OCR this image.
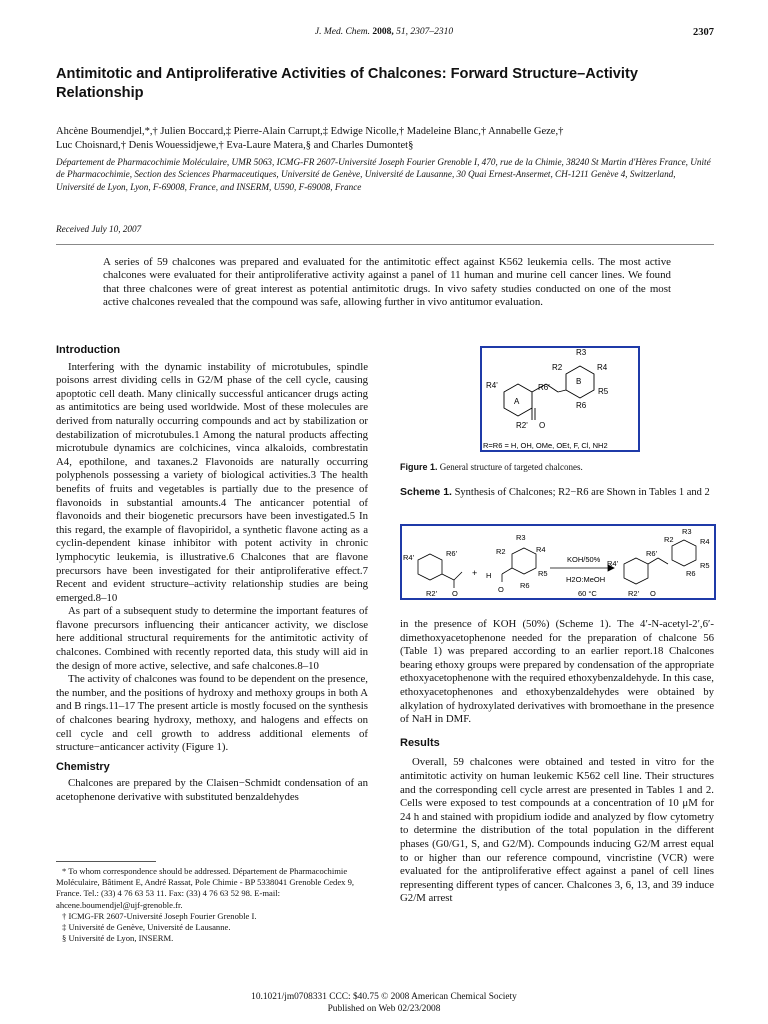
J. Med. Chem. 2008, 51, 2307–2310	2307
Antimitotic and Antiproliferative Activities of Chalcones: Forward Structure–Activity Relationship
Ahcène Boumendjel,*,† Julien Boccard,‡ Pierre-Alain Carrupt,‡ Edwige Nicolle,† Madeleine Blanc,† Annabelle Geze,†
Luc Choisnard,† Denis Wouessidjewe,† Eva-Laure Matera,§ and Charles Dumontet§
Département de Pharmacochimie Moléculaire, UMR 5063, ICMG-FR 2607-Université Joseph Fourier Grenoble I, 470, rue de la Chimie, 38240 St Martin d'Hères France, Unité de Pharmacochimie, Section des Sciences Pharmaceutiques, Université de Genève, Université de Lausanne, 30 Quai Ernest-Ansermet, CH-1211 Genève 4, Switzerland, Université de Lyon, Lyon, F-69008, France, and INSERM, U590, F-69008, France
Received July 10, 2007
A series of 59 chalcones was prepared and evaluated for the antimitotic effect against K562 leukemia cells. The most active chalcones were evaluated for their antiproliferative activity against a panel of 11 human and murine cell cancer lines. We found that three chalcones were of great interest as potential antimitotic drugs. In vivo safety studies conducted on one of the most active chalcones revealed that the compound was safe, allowing further in vivo antitumor evaluation.
Introduction

Interfering with the dynamic instability of microtubules, spindle poisons arrest dividing cells in G2/M phase of the cell cycle, causing apoptotic cell death. Many clinically successful anticancer drugs acting as antimitotics are being used worldwide. Most of these molecules are derived from naturally occurring compounds and act by stabilization or destabilization of microtubules.1 Among the natural products affecting microtubule dynamics are colchicines, vinca alkaloids, combrestatin A4, epothilone, and taxanes.2 Flavonoids are naturally occurring polyphenols possessing a variety of biological activities.3 The health benefits of fruits and vegetables is partially due to the presence of flavonoids in substantial amounts.4 The anticancer potential of flavonoids and their biogenetic precursors have been investigated.5 In this regard, the example of flavopiridol, a synthetic flavone acting as a cyclin-dependent kinase inhibitor with potent activity in chronic lymphocytic leukemia, is illustrative.6 Chalcones that are flavone precursors have been investigated for their antiproliferative effect.7 Recent and evident structure–activity relationship studies are being emerged.8–10

As part of a subsequent study to determine the important features of flavone precursors influencing their anticancer activity, we disclose here additional structural requirements for the antimitotic activity of chalcones. Combined with recently reported data, this study will aid in the design of more active, selective, and safe chalcones.8–10

The activity of chalcones was found to be dependent on the presence, the number, and the positions of hydroxy and methoxy groups in both A and B rings.11–17 The present article is mostly focused on the synthesis of chalcones bearing hydroxy, methoxy, and halogens and effects on cell cycle and cell growth to address additional elements of structure−anticancer activity (Figure 1).

Chemistry

Chalcones are prepared by the Claisen−Schmidt condensation of an acetophenone derivative with substituted benzaldehydes

* To whom correspondence should be addressed. Département de Pharmacochimie Moléculaire, Bâtiment E, André Rassat, Pole Chimie - BP 5338041 Grenoble Cedex 9, France. Tel.: (33) 4 76 63 53 11. Fax: (33) 4 76 63 52 98. E-mail: ahcene.boumendjel@ujf-grenoble.fr.
† ICMG-FR 2607-Université Joseph Fourier Grenoble I.
‡ Université de Genève, Université de Lausanne.
§ Université de Lyon, INSERM.
R3
R2	R4
R5
R6
B
R4'	R6'
A
R2' O
R=R6 = H, OH, OMe, OEt, F, Cl, NH2
Figure 1. General structure of targeted chalcones.
Scheme 1. Synthesis of Chalcones; R2−R6 are Shown in Tables 1 and 2
R4'	R6'
R2' O
+ H
O
R2
R3
R4
R5
R6
KOH/50%
H2O:MeOH
60 °C
R4'
R6'
R2' O
R2
R3
R4
R5
R6

in the presence of KOH (50%) (Scheme 1). The 4′-N-acetyl-2′,6′-dimethoxyacetophenone needed for the preparation of chalcone 56 (Table 1) was prepared according to an earlier report.18 Chalcones bearing ethoxy groups were prepared by condensation of the appropriate ethoxyacetophenone with the required ethoxybenzaldehyde. In this case, ethoxyacetophenones and ethoxybenzaldehydes were obtained by alkylation of hydroxylated derivatives with bromoethane in the presence of NaH in DMF.

Results

Overall, 59 chalcones were obtained and tested in vitro for the antimitotic activity on human leukemic K562 cell line. Their structures and the corresponding cell cycle arrest are presented in Tables 1 and 2. Cells were exposed to test compounds at a concentration of 10 μM for 24 h and stained with propidium iodide and analyzed by flow cytometry to determine the distribution of the total population in the different phases (G0/G1, S, and G2/M). Compounds inducing G2/M arrest equal to or higher than our reference compound, vincristine (VCR) were evaluated for the antiproliferative effect against a panel of cell lines representing different types of cancer. Chalcones 3, 6, 13, and 39 induce G2/M arrest

10.1021/jm0708331 CCC: $40.75 © 2008 American Chemical Society
Published on Web 02/23/2008
